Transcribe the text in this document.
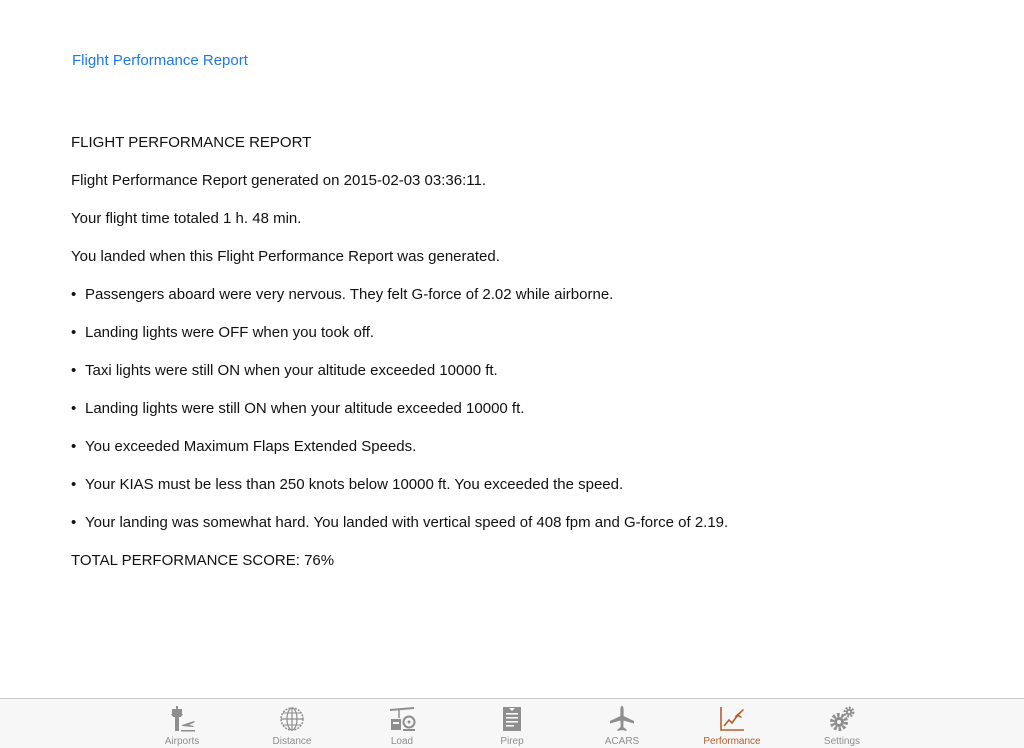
Flight Performance Report
FLIGHT PERFORMANCE REPORT
Flight Performance Report generated on 2015-02-03 03:36:11.
Your flight time totaled 1 h. 48 min.
You landed when this Flight Performance Report was generated.
• Passengers aboard were very nervous. They felt G-force of 2.02 while airborne.
• Landing lights were OFF when you took off.
• Taxi lights were still ON when your altitude exceeded 10000 ft.
• Landing lights were still ON when your altitude exceeded 10000 ft.
• You exceeded Maximum Flaps Extended Speeds.
• Your KIAS must be less than 250 knots below 10000 ft. You exceeded the speed.
• Your landing was somewhat hard. You landed with vertical speed of 408 fpm and G-force of 2.19.
TOTAL PERFORMANCE SCORE: 76%
Airports	Distance	Load	Pirep	ACARS	Performance	Settings
